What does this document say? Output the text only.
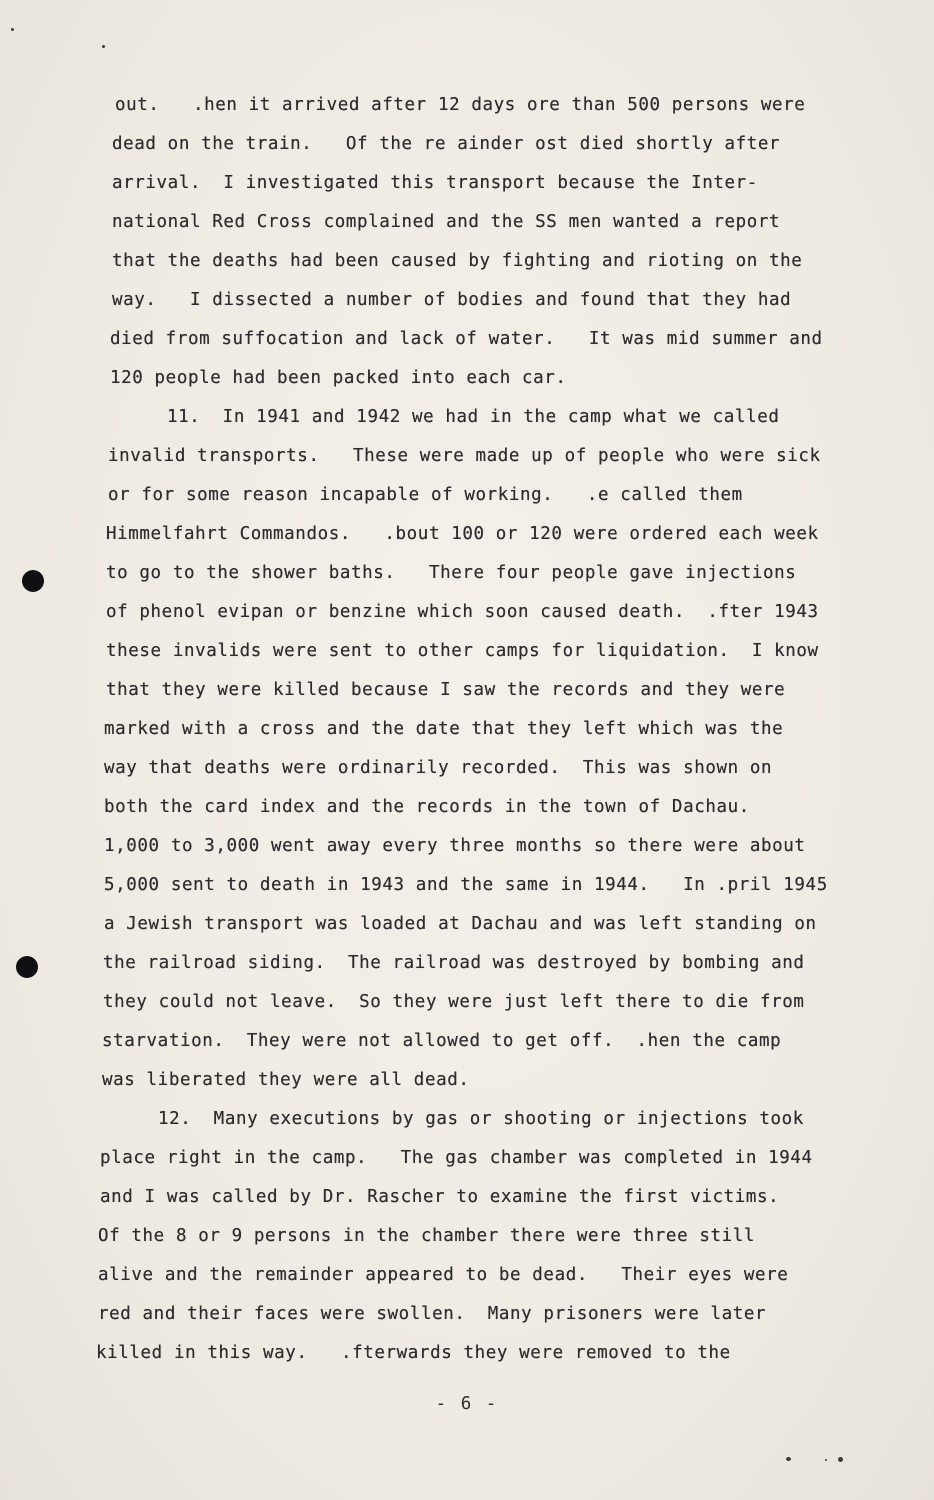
out.   .hen it arrived after 12 days ore than 500 persons were
dead on the train.   Of the re ainder ost died shortly after
arrival.  I investigated this transport because the Inter-
national Red Cross complained and the SS men wanted a report
that the deaths had been caused by fighting and rioting on the
way.   I dissected a number of bodies and found that they had
died from suffocation and lack of water.   It was mid summer and
120 people had been packed into each car.
11.  In 1941 and 1942 we had in the camp what we called
invalid transports.   These were made up of people who were sick
or for some reason incapable of working.   .e called them
Himmelfahrt Commandos.   .bout 100 or 120 were ordered each week
to go to the shower baths.   There four people gave injections
of phenol evipan or benzine which soon caused death.  .fter 1943
these invalids were sent to other camps for liquidation.  I know
that they were killed because I saw the records and they were
marked with a cross and the date that they left which was the
way that deaths were ordinarily recorded.  This was shown on
both the card index and the records in the town of Dachau.
1,000 to 3,000 went away every three months so there were about
5,000 sent to death in 1943 and the same in 1944.   In .pril 1945
a Jewish transport was loaded at Dachau and was left standing on
the railroad siding.  The railroad was destroyed by bombing and
they could not leave.  So they were just left there to die from
starvation.  They were not allowed to get off.  .hen the camp
was liberated they were all dead.
12.  Many executions by gas or shooting or injections took
place right in the camp.   The gas chamber was completed in 1944
and I was called by Dr. Rascher to examine the first victims.
Of the 8 or 9 persons in the chamber there were three still
alive and the remainder appeared to be dead.   Their eyes were
red and their faces were swollen.  Many prisoners were later
killed in this way.   .fterwards they were removed to the
- 6 -
